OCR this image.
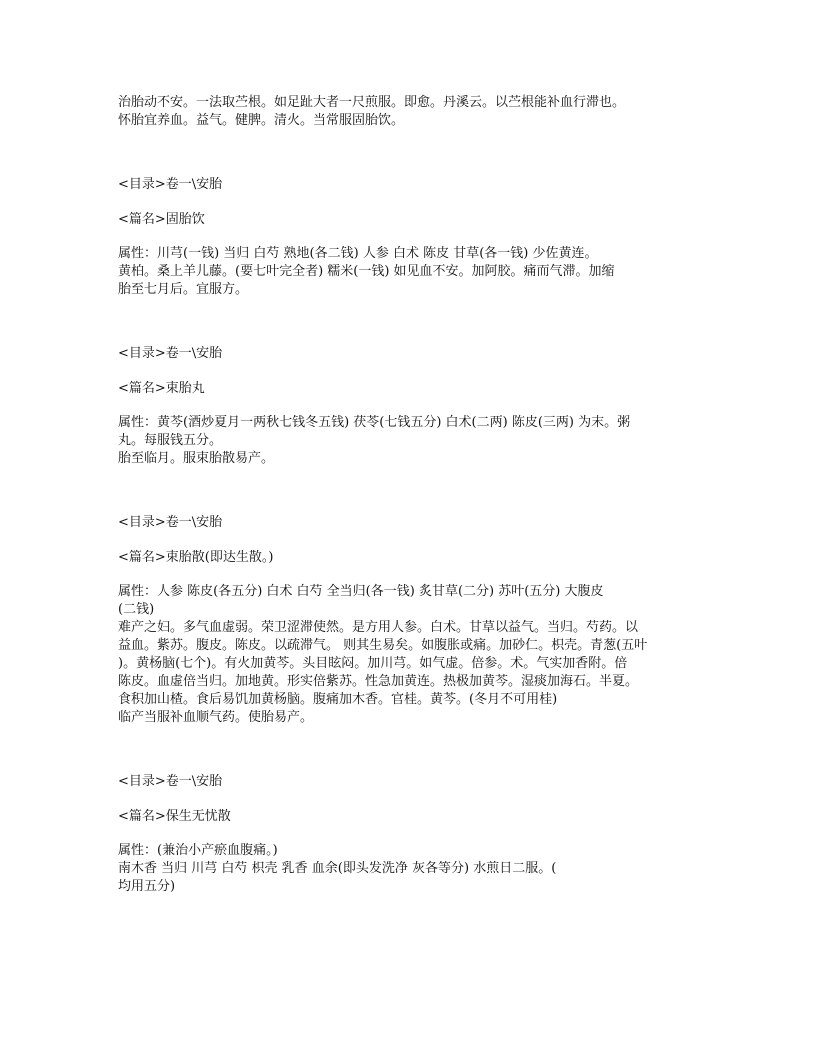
治胎动不安。一法取苎根。如足趾大者一尺煎服。即愈。丹溪云。以苎根能补血行滞也。
怀胎宜养血。益气。健脾。清火。当常服固胎饮。
<目录>卷一\安胎
<篇名>固胎饮
属性：川芎(一钱) 当归 白芍 熟地(各二钱) 人参 白术 陈皮 甘草(各一钱) 少佐黄连。
黄柏。桑上羊儿藤。(要七叶完全者) 糯米(一钱) 如见血不安。加阿胶。痛而气滞。加缩
胎至七月后。宜服方。
<目录>卷一\安胎
<篇名>束胎丸
属性：黄芩(酒炒夏月一两秋七钱冬五钱) 茯苓(七钱五分) 白术(二两) 陈皮(三两) 为末。粥
丸。每服钱五分。
胎至临月。服束胎散易产。
<目录>卷一\安胎
<篇名>束胎散(即达生散。)
属性：人参 陈皮(各五分) 白术 白芍 全当归(各一钱) 炙甘草(二分) 苏叶(五分) 大腹皮
(二钱)
难产之妇。多气血虚弱。荣卫涩滞使然。是方用人参。白术。甘草以益气。当归。芍药。以
益血。紫苏。腹皮。陈皮。以疏滞气。 则其生易矣。如腹胀或痛。加砂仁。枳壳。青葱(五叶
)。黄杨脑(七个)。有火加黄芩。头目眩闷。加川芎。如气虚。倍参。术。气实加香附。倍
陈皮。血虚倍当归。加地黄。形实倍紫苏。性急加黄连。热极加黄芩。湿痰加海石。半夏。
食积加山楂。食后易饥加黄杨脑。腹痛加木香。官桂。黄芩。(冬月不可用桂)
临产当服补血顺气药。使胎易产。
<目录>卷一\安胎
<篇名>保生无忧散
属性：(兼治小产瘀血腹痛。)
南木香 当归 川芎 白芍 枳壳 乳香 血余(即头发洗净 灰各等分) 水煎日二服。(
均用五分)
